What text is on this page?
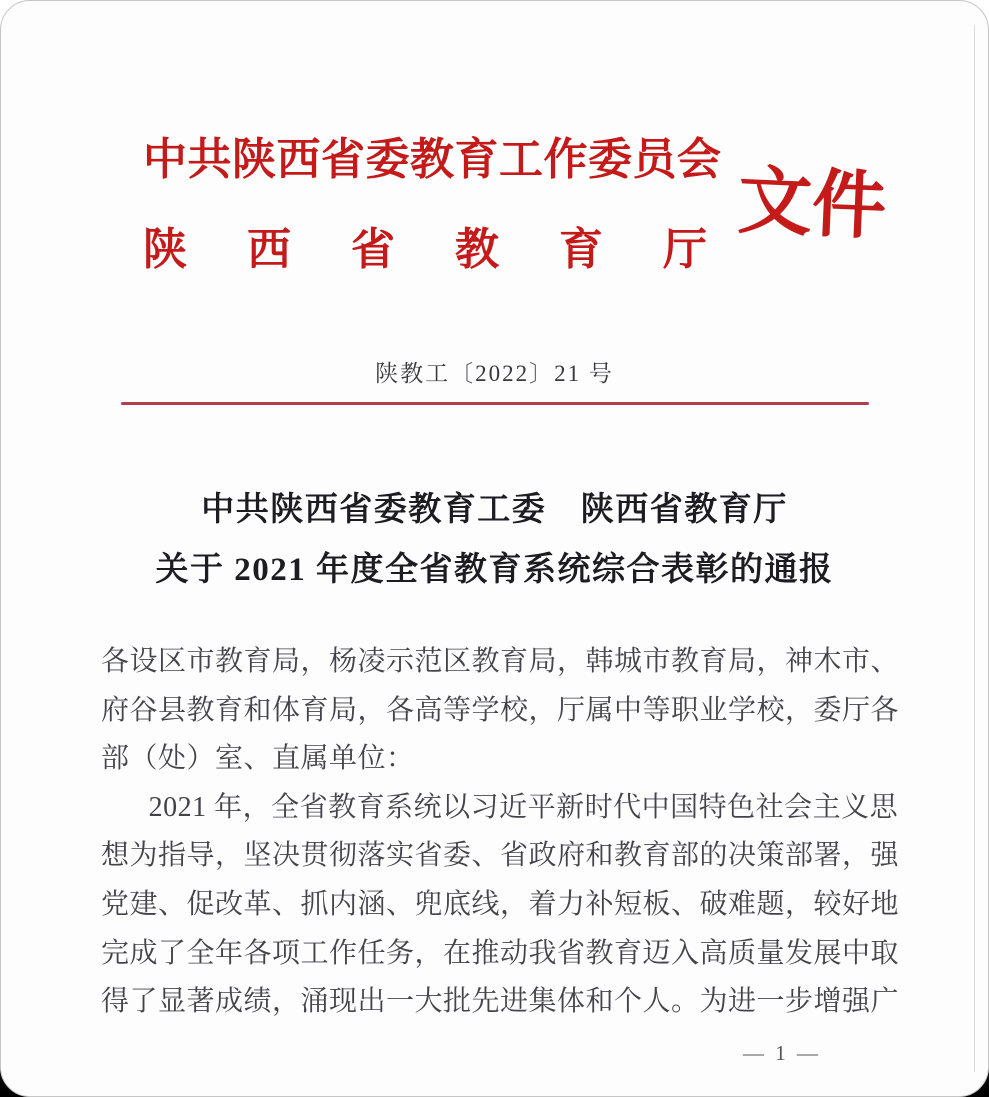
中共陕西省委教育工作委员会
陕　西　省　教　育　厅
文件
陕教工〔2022〕21 号
中共陕西省委教育工委　陕西省教育厅
关于 2021 年度全省教育系统综合表彰的通报
各设区市教育局，杨凌示范区教育局，韩城市教育局，神木市、
府谷县教育和体育局，各高等学校，厅属中等职业学校，委厅各
部（处）室、直属单位：
2021 年，全省教育系统以习近平新时代中国特色社会主义思
想为指导，坚决贯彻落实省委、省政府和教育部的决策部署，强
党建、促改革、抓内涵、兜底线，着力补短板、破难题，较好地
完成了全年各项工作任务，在推动我省教育迈入高质量发展中取
得了显著成绩，涌现出一大批先进集体和个人。为进一步增强广
— 1 —
